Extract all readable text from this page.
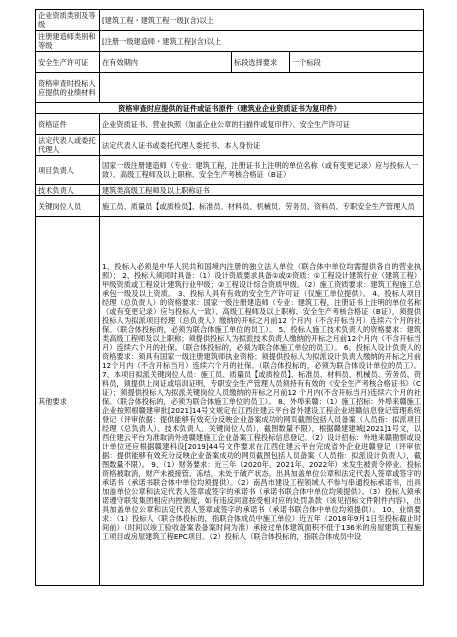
企业资质类别及等级	[建筑工程・建筑工程一级](含)以上		
注册建造师类别和等级	[注册一级建造师・建筑工程](含)以上		
安全生产许可证	在有效期内	标段选择要求	一个标段
资格审查时投标人应提供的业绩材料			
资格审查时应提供的证件或证书原件（建筑业企业资质证书为复印件）			
资格证件	企业资质证书、营业执照（加盖企业公章的扫描件或复印件）、安全生产许可证		
法定代表人或委托代理人	法定代表人证书或委托代理人委托书、本人身份证		
项目负责人	国家一级注册建造师（专业：建筑工程，注册证书上注明的单位名称（或有变更记录）应与投标人一致）、高级工程师及以上职称、安全生产考核合格证（B证）		
技术负责人	建筑类高级工程师及以上职称证书		
关键岗位人员	施工员、质量员【或质检员】、标准员、材料员、机械员、劳务员、资料员、专职安全生产管理人员		
其他要求	1、投标人必须是中华人民共和国境内注册的独立法人单位（联合体中单位均需提供各自的营业执照）； 2、投标人须同时具备：（1）设计资质要求具备①或②资质：①工程设计建筑行业（建筑工程）甲级资质或工程设计建筑行业甲级；②工程设计综合资质甲级。（2）施工资质要求：建筑工程施工总承包一级及以上资质。 3、投标人具有有效的安全生产许可证（仅施工单位提供）。 4、投标人项目经理（总负责人）的资格要求：国家一级注册建造师（专业：建筑工程，注册证书上注明的单位名称（或有变更记录）应与投标人一致）、高级工程师及以上职称、安全生产考核合格证（B证），须提供投标人为拟派项目经理（总负责人）缴纳的开标之月前12 个月内（不含开标当月）连续六个月的社保。（联合体投标的，必须为联合体施工单位的员工）。 5、投标人施工技术负责人的资格要求：建筑类高级工程师及以上职称；须提供投标人为拟派技术负责人缴纳的开标之月前12个月内（不含开标当月）连续六个月的社保。（联合体投标的，必须为联合体施工单位的员工）。 6、投标人设计负责人的资格要求：须具有国家一级注册建筑师执业资格；须提供投标人为拟派设计负责人缴纳的开标之月前12个月内（不含开标当月）连续六个月的社保。（联合体投标的，必须为联合体设计单位的员工）。 7、本项目拟派关键岗位人员：施工员、质量员【或质检员】、标准员、材料员、机械员、劳务员、资料员，须提供上岗证或培训证明，专职安全生产管理人员须持有有效的《安全生产考核合格证书》（C证）；须提供投标人为拟派关键岗位人员缴纳的开标之月前12 个月内(不含开标当月)连续六个月的社保。（联合体投标的，必须为联合体施工单位的员工）。 8、外埠来赣：（1）施工招标：外埠来赣施工企业按照根赣建审批[2021]14号文规定在江西住建云平台省外建设工程企业进赣信息登记管理系统登记（评审依据：提供能够有效充分反映企业备案成功的网页截图包括人员备案（人员指：拟派项目经理（总负责人）、技术负责人、关键岗位人员），截图数量不限），根据赣建建城[2021]1号文，以西住建云平台为准取消外进赣建施工企业备案工程投标信息登记。（2）设计招标：外地来赣勘察或设计单位还应根据赣建科设[2019]44号文件要求在江西住建云平台完成省外企业进赣登记（评审依据：提供能够有效充分反映企业备案成功的网页截图包括人员备案（人员指：拟派设计负责人），截图数量不限）。 9、（1）财务要求：近三年（2020年、2021年、2022年）未发生被责令停业、投标资格被取消，财产未被接管、冻结，未处于破产状态，出具加盖单位公章和法定代表人签章或签字的承诺书（承诺书联合体中单位均须提供）。（2）南昌市建设工程领域人不参与串通投标承诺书，出具加盖单位公章和法定代表人签章或签字的承诺书（承诺书联合体中单位均须提供）。（3）投标人须承诺遵守联发集团相应内控制度，如有违反同意按受相对应的处罚条款（该见招标文件附件内容），出具加盖单位公章和法定代表人签章或签字的承诺书（承诺书联合体中单位均须提供）。 10、业绩要求：（1）投标人（联合体投标的，指联合体成员中施工单位）近五年（2018年9月1日至投标截止时间前）（时间以竣工验收备案表备案时间为准）承接过单体建筑面积不低于136米的房屋建筑工程施工项目或房屋建筑工程EPC项目。（2）投标人（联合体投标的，指联合体成员中设		
